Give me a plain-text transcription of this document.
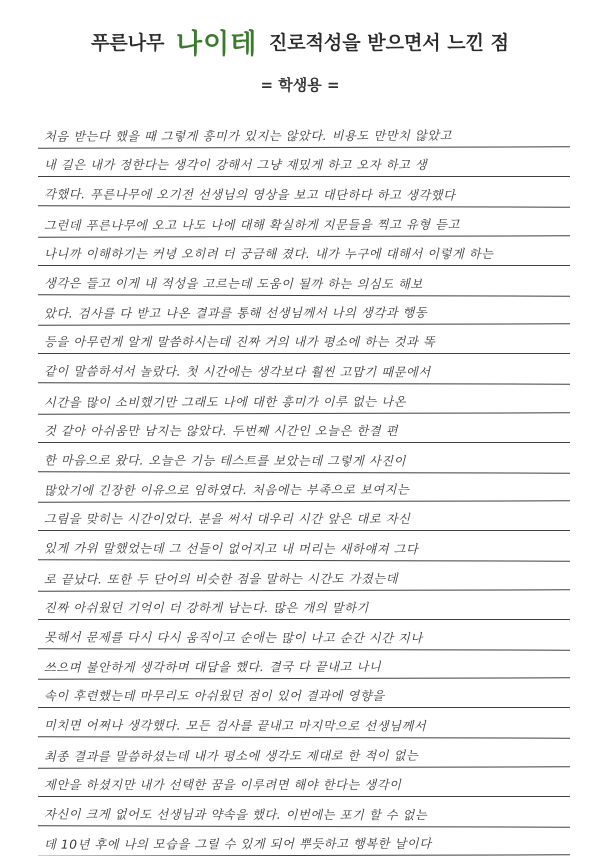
푸른나무 나이테 진로적성을 받으면서 느낀 점
= 학생용 =
처음 받는다 했을 때 그렇게 흥미가 있지는 않았다. 비용도 만만치 않았고
내 길은 내가 정한다는 생각이 강해서 그냥 재밌게 하고 오자 하고 생
각했다. 푸른나무에 오기전 선생님의 영상을 보고 대단하다 하고 생각했다
그런데 푸른나무에 오고 나도 나에 대해 확실하게 지문들을 찍고 유형 듣고
나니까 이해하기는 커녕 오히려 더 궁금해 졌다. 내가 누구에 대해서 이렇게 하는
생각은 들고 이게 내 적성을 고르는데 도움이 될까 하는 의심도 해보
았다. 검사를 다 받고 나온 결과를 통해 선생님께서 나의 생각과 행동
등을 아무런게 알게 말씀하시는데 진짜 거의 내가 평소에 하는 것과 똑
같이 말씀하셔서 놀랐다. 첫 시간에는 생각보다 훨씬 고맙기 때문에서
시간을 많이 소비했기만 그래도 나에 대한 흥미가 이루 없는 나온
것 같아 아쉬움만 남지는 않았다. 두번째 시간인 오늘은 한결 편
한 마음으로 왔다. 오늘은 기능 테스트를 보았는데 그렇게 사진이
많았기에 긴장한 이유으로 임하였다. 처음에는 부족으로 보여지는
그림을 맞히는 시간이었다. 분을 써서 대우리 시간 앞은 대로 자신
있게 가위 말했었는데 그 선들이 없어지고 내 머리는 새하얘져 그다
로 끝났다. 또한 두 단어의 비슷한 점을 말하는 시간도 가졌는데
진짜 아쉬웠던 기억이 더 강하게 남는다. 많은 개의 말하기
못해서 문제를 다시 다시 움직이고 순애는 많이 나고 순간 시간 지나
쓰으며 불안하게 생각하며 대답을 했다. 결국 다 끝내고 나니
속이 후련했는데 마무리도 아쉬웠던 점이 있어 결과에 영향을
미치면 어쩌나 생각했다. 모든 검사를 끝내고 마지막으로 선생님께서
최종 결과를 말씀하셨는데 내가 평소에 생각도 제대로 한 적이 없는
제안을 하셨지만 내가 선택한 꿈을 이루려면 해야 한다는 생각이
자신이 크게 없어도 선생님과 약속을 했다. 이번에는 포기 할 수 없는
데 10년 후에 나의 모습을 그릴 수 있게 되어 뿌듯하고 행복한 날이다
